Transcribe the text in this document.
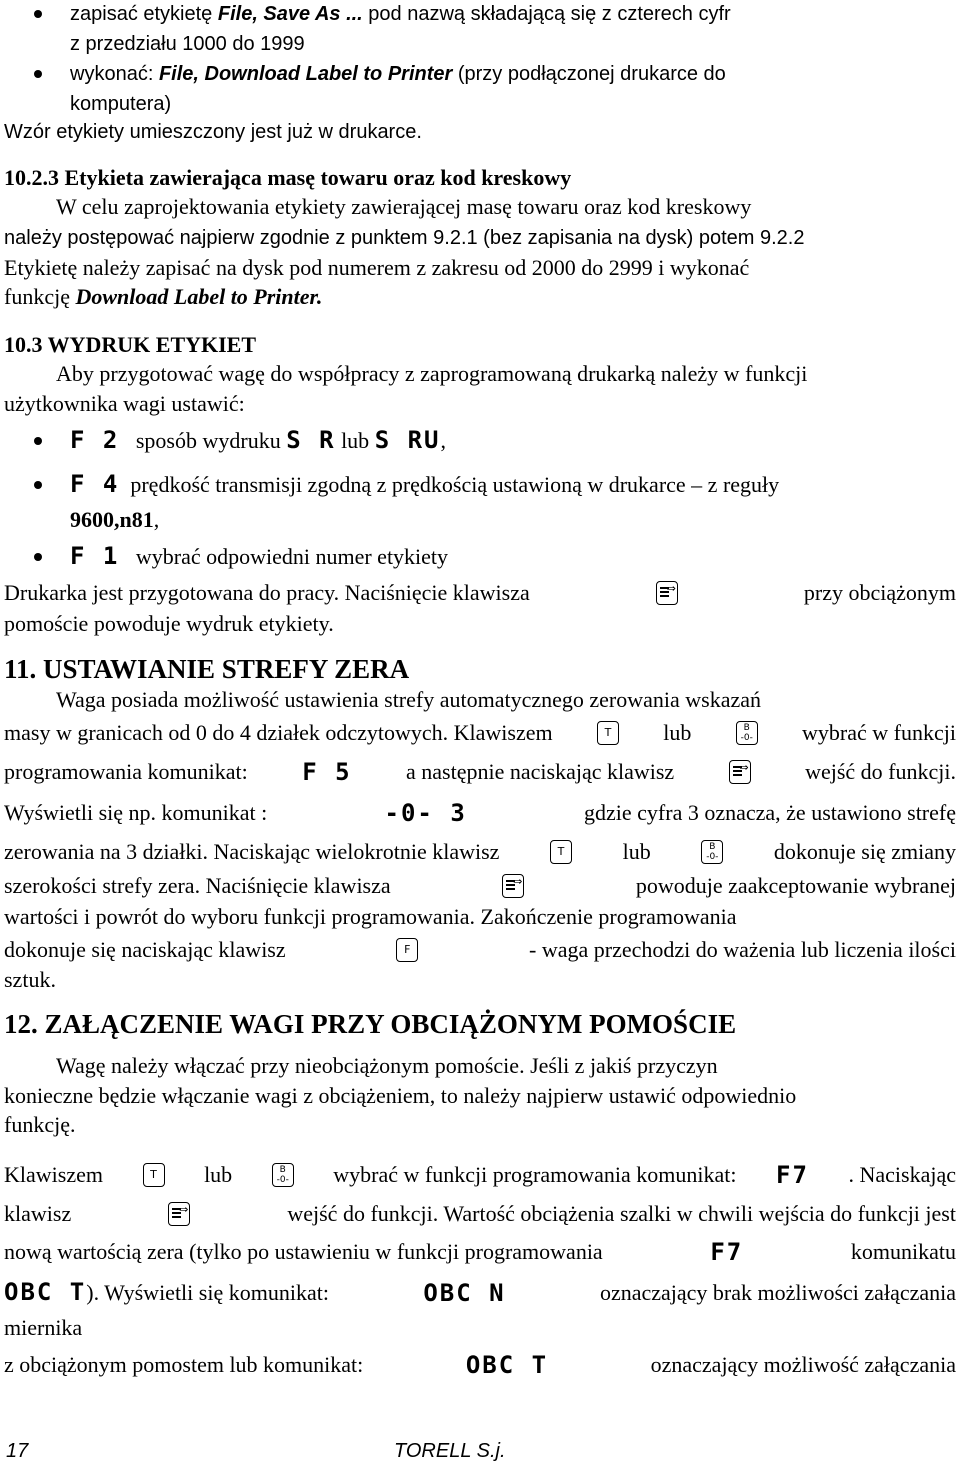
zapisać etykietę File, Save As ... pod nazwą składającą się z czterech cyfr
z przedziału 1000 do 1999
wykonać: File, Download Label to Printer (przy podłączonej drukarce do
komputera)
Wzór etykiety umieszczony jest już w drukarce.
10.2.3 Etykieta zawierająca masę towaru oraz kod kreskowy
W celu zaprojektowania etykiety zawierającej masę towaru oraz kod kreskowy
należy postępować najpierw zgodnie z punktem 9.2.1 (bez zapisania na dysk) potem 9.2.2
Etykietę należy zapisać na dysk pod numerem z zakresu od 2000 do 2999 i wykonać
funkcję Download Label to Printer.
10.3 WYDRUK ETYKIET
Aby przygotować wagę do współpracy z zaprogramowaną drukarką należy w funkcji
użytkownika wagi ustawić:
F 2 sposób wydruku S R lub S RU,
F 4 prędkość transmisji zgodną z prędkością ustawioną w drukarce – z reguły
9600,n81,
F 1 wybrać odpowiedni numer etykiety
Drukarka jest przygotowana do pracy. Naciśnięcie klawisza ⇒	przy obciążonym
pomoście powoduje wydruk etykiety.
11. USTAWIANIE STREFY ZERA
Waga posiada możliwość ustawienia strefy automatycznego zerowania wskazań
masy w granicach od 0 do 4 działek odczytowych. Klawiszem	T	lub	B
-0- wybrać w funkcji
programowania komunikat: F 5 a następnie naciskając klawisz ⇒	wejść do funkcji.
Wyświetli się np. komunikat :	-0- 3	gdzie cyfra 3 oznacza, że ustawiono strefę
zerowania na 3 działki. Naciskając wielokrotnie klawisz	T	lub	B
-0-	dokonuje się zmiany
szerokości strefy zera. Naciśnięcie klawisza ⇒	powoduje zaakceptowanie wybranej
wartości i powrót do wyboru funkcji programowania. Zakończenie programowania
dokonuje się naciskając klawisz	F	- waga przechodzi do ważenia lub liczenia ilości
sztuk.
12. ZAŁĄCZENIE WAGI PRZY OBCIĄŻONYM POMOŚCIE
Wagę należy włączać przy nieobciążonym pomoście. Jeśli z jakiś przyczyn
konieczne będzie włączanie wagi z obciążeniem, to należy najpierw ustawić odpowiednio
funkcję.
Klawiszem	T	lub	B
-0- wybrać w funkcji programowania komunikat: F7 . Naciskając
klawisz ⇒	wejść do funkcji. Wartość obciążenia szalki w chwili wejścia do funkcji jest
nową wartością zera (tylko po ustawieniu w funkcji programowania	F7	komunikatu
OBC T). Wyświetli się komunikat:	OBC N	oznaczający brak możliwości załączania
miernika
z obciążonym pomostem lub komunikat:	OBC T	oznaczający możliwość załączania
17	TORELL S.j.
